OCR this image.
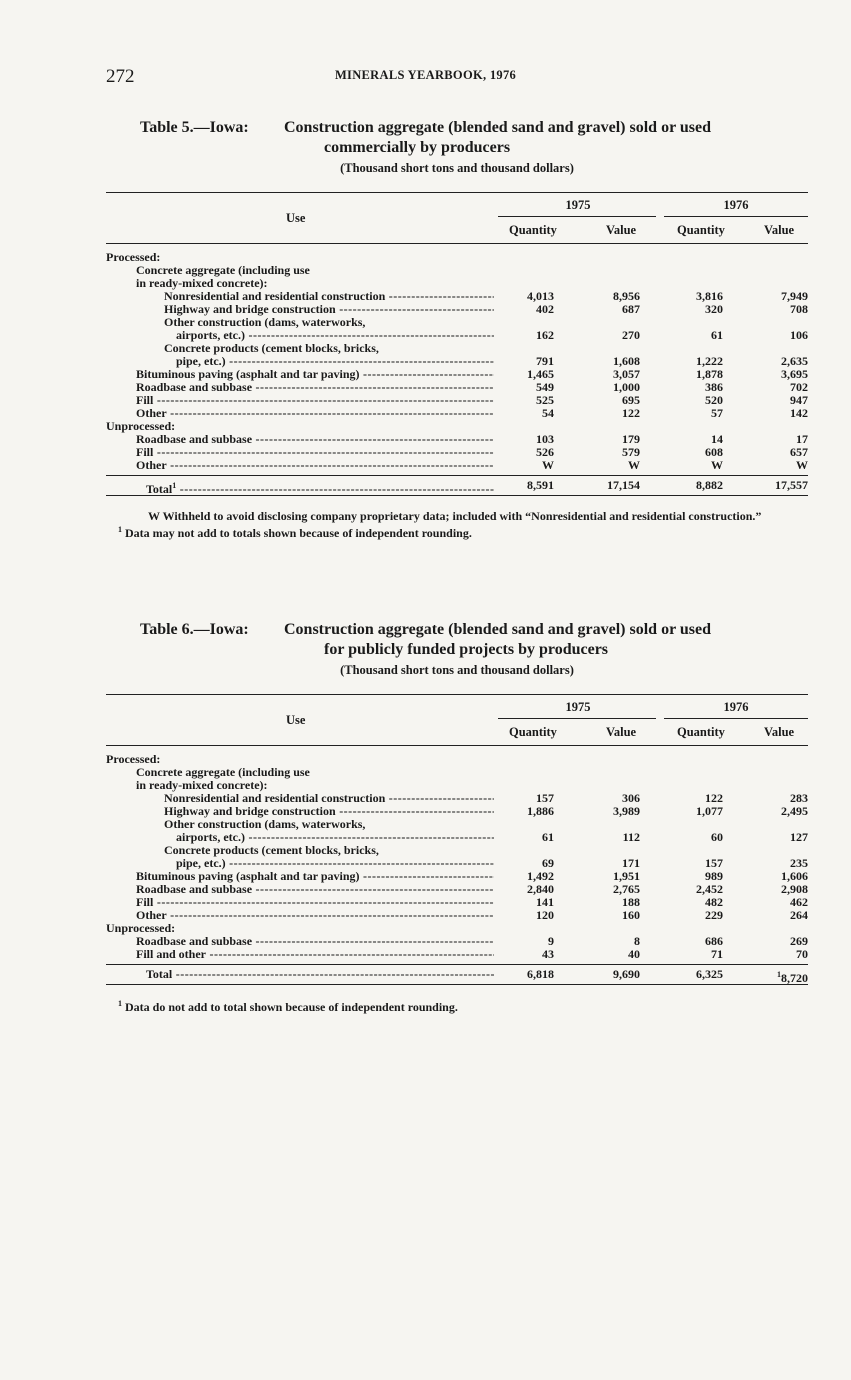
272	MINERALS YEARBOOK, 1976
Table 5.—Iowa: Construction aggregate (blended sand and gravel) sold or used
commercially by producers
(Thousand short tons and thousand dollars)
Use
1975	1976
Quantity	Value	Quantity	Value
Processed:
Concrete aggregate (including use
in ready-mixed concrete):
Nonresidential and residential construction -----	4,013	8,956	3,816	7,949
Highway and bridge construction -----	402	687	320	708
Other construction (dams, waterworks,
airports, etc.) -----	162	270	61	106
Concrete products (cement blocks, bricks,
pipe, etc.) -----	791	1,608	1,222	2,635
Bituminous paving (asphalt and tar paving) -----	1,465	3,057	1,878	3,695
Roadbase and subbase -----	549	1,000	386	702
Fill -----	525	695	520	947
Other -----	54	122	57	142
Unprocessed:
Roadbase and subbase -----	103	179	14	17
Fill -----	526	579	608	657
Other -----	W	W	W	W
Total$^1$ -----	8,591	17,154	8,882	17,557
W Withheld to avoid disclosing company proprietary data; included with “Nonresidential and residential construction.”
$^1$ Data may not add to totals shown because of independent rounding.
Table 6.—Iowa: Construction aggregate (blended sand and gravel) sold or used
for publicly funded projects by producers
(Thousand short tons and thousand dollars)
Use
1975	1976
Quantity	Value	Quantity	Value
Processed:
Concrete aggregate (including use
in ready-mixed concrete):
Nonresidential and residential construction -----	157	306	122	283
Highway and bridge construction -----	1,886	3,989	1,077	2,495
Other construction (dams, waterworks,
airports, etc.) -----	61	112	60	127
Concrete products (cement blocks, bricks,
pipe, etc.) -----	69	171	157	235
Bituminous paving (asphalt and tar paving) -----	1,492	1,951	989	1,606
Roadbase and subbase -----	2,840	2,765	2,452	2,908
Fill -----	141	188	482	462
Other -----	120	160	229	264
Unprocessed:
Roadbase and subbase -----	9	8	686	269
Fill and other -----	43	40	71	70
Total -----	6,818	9,690	6,325	$^1$8,720
$^1$ Data do not add to total shown because of independent rounding.
